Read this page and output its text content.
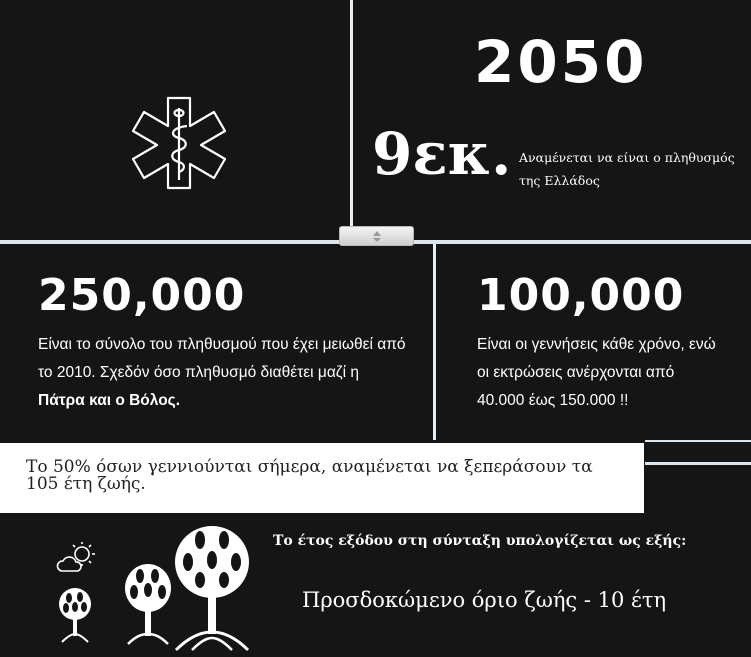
2050
9εκ. Αναμένεται να είναι ο πληθυσμός της Ελλάδος
250,000
Είναι το σύνολο του πληθυσμού που έχει μειωθεί από το 2010. Σχεδόν όσο πληθυσμό διαθέτει μαζί η Πάτρα και ο Βόλος.
100,000
Είναι οι γεννήσεις κάθε χρόνο, ενώ οι εκτρώσεις ανέρχονται από 40.000 έως 150.000 !!
Το 50% όσων γεννιούνται σήμερα, αναμένεται να ξεπεράσουν τα 105 έτη ζωής.
Το έτος εξόδου στη σύνταξη υπολογίζεται ως εξής:
Προσδοκώμενο όριο ζωής - 10 έτη
